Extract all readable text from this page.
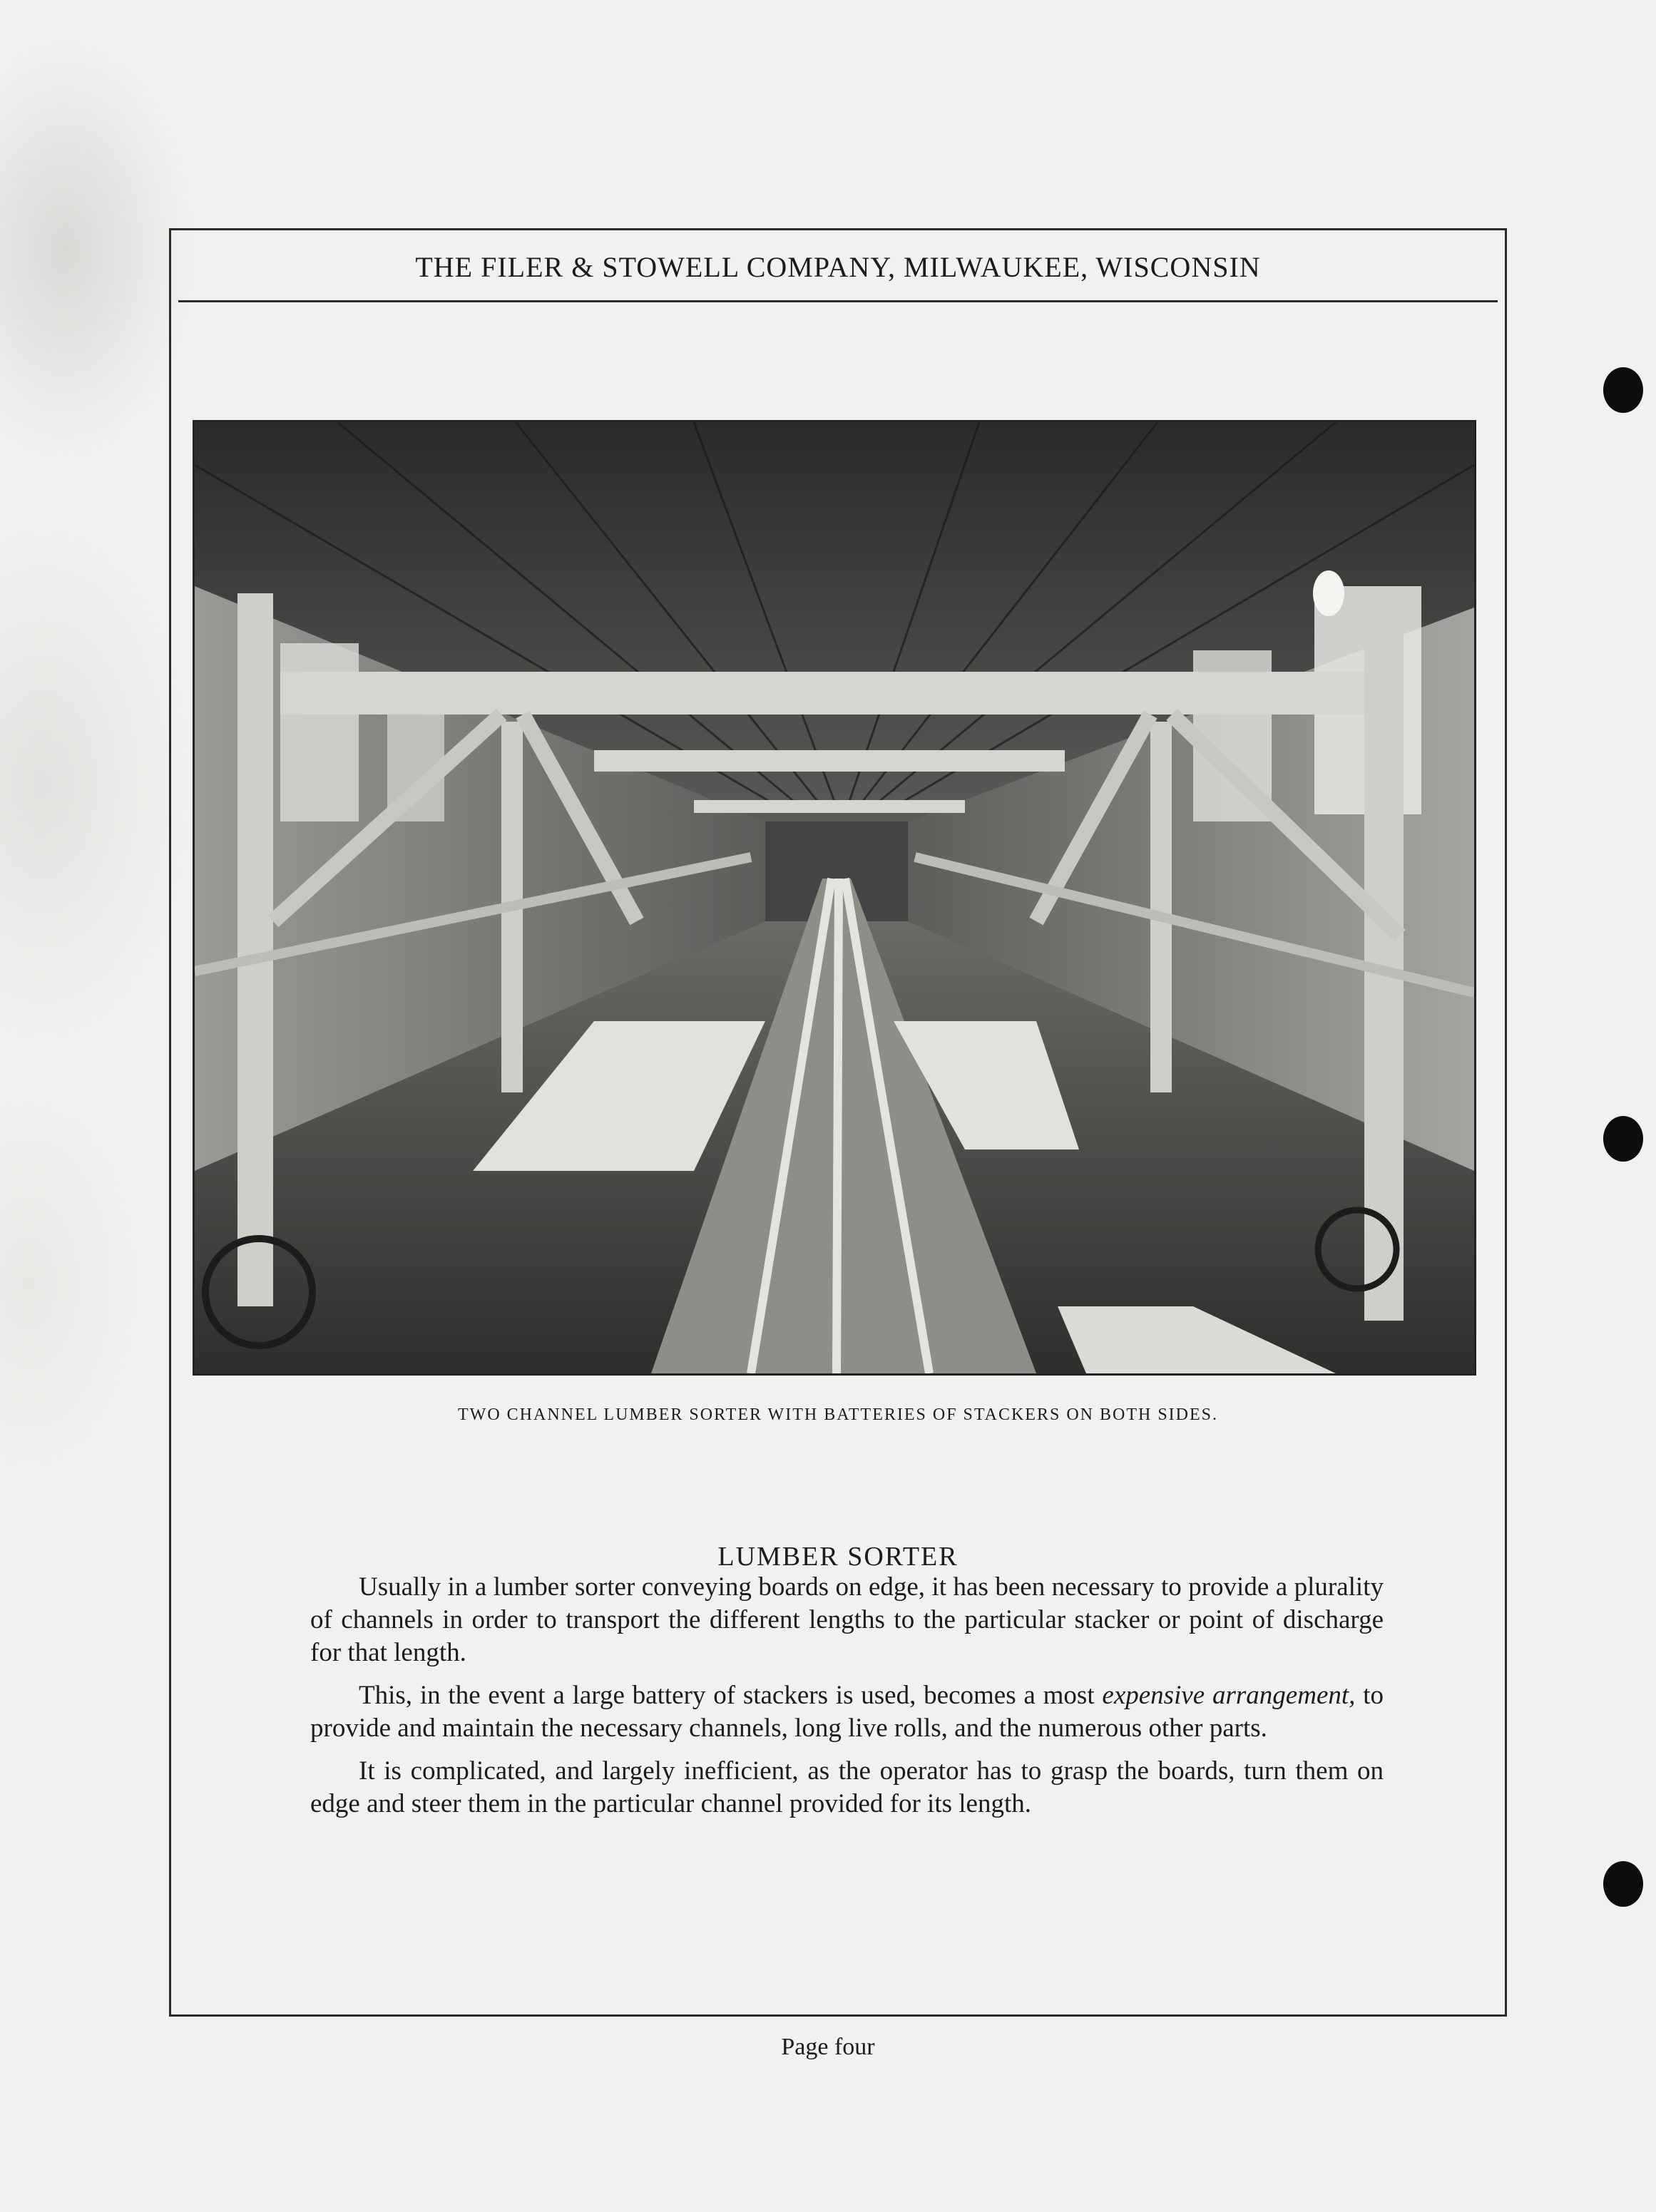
THE FILER & STOWELL COMPANY, MILWAUKEE, WISCONSIN
TWO CHANNEL LUMBER SORTER WITH BATTERIES OF STACKERS ON BOTH SIDES.
LUMBER SORTER

Usually in a lumber sorter conveying boards on edge, it has been necessary to provide a plurality of channels in order to transport the different lengths to the particular stacker or point of discharge for that length.

This, in the event a large battery of stackers is used, becomes a most expensive arrangement, to provide and maintain the necessary channels, long live rolls, and the numerous other parts.

It is complicated, and largely inefficient, as the operator has to grasp the boards, turn them on edge and steer them in the particular channel provided for its length.

Page four
